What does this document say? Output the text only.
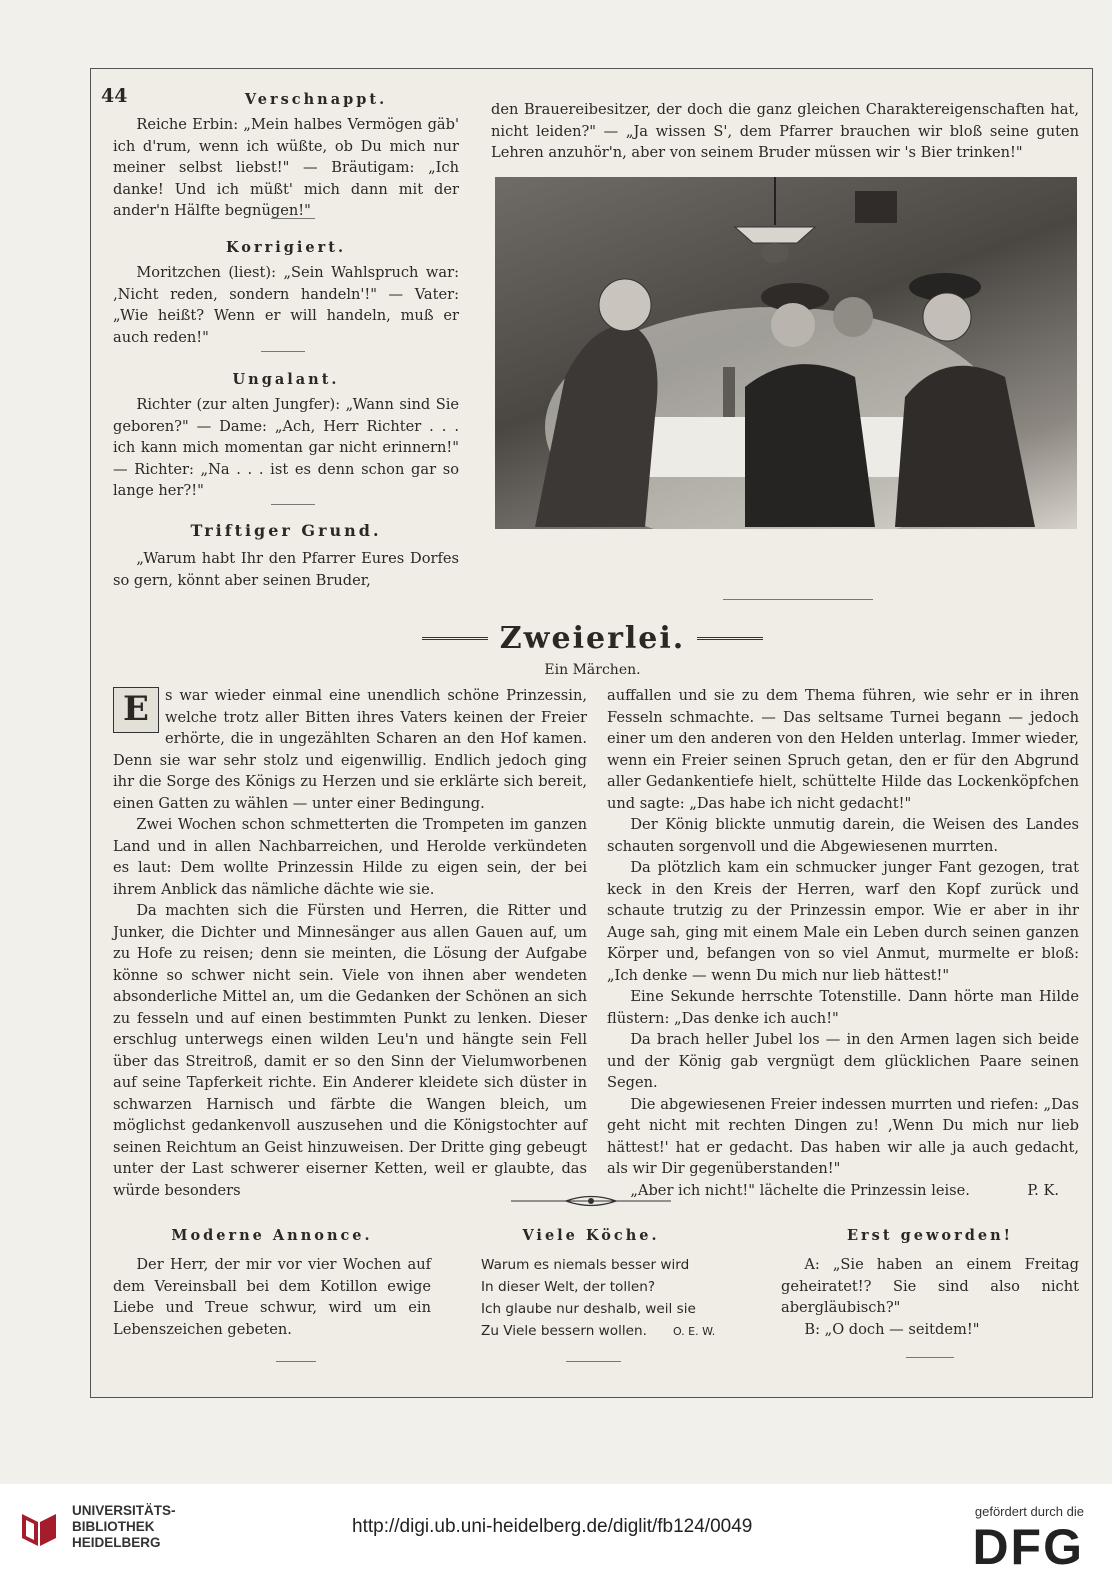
44	Verschnappt.

Reiche Erbin: „Mein halbes Vermögen gäb' ich d'rum, wenn ich wüßte, ob Du mich nur meiner selbst liebst!" — Bräutigam: „Ich danke! Und ich müßt' mich dann mit der ander'n Hälfte begnügen!"

Korrigiert.

Moritzchen (liest): „Sein Wahlspruch war: ‚Nicht reden, sondern handeln'!" — Vater: „Wie heißt? Wenn er will handeln, muß er auch reden!"

Ungalant.

Richter (zur alten Jungfer): „Wann sind Sie geboren?" — Dame: „Ach, Herr Richter . . . ich kann mich momentan gar nicht erinnern!" — Richter: „Na . . . ist es denn schon gar so lange her?!"

Triftiger Grund.

„Warum habt Ihr den Pfarrer Eures Dorfes so gern, könnt aber seinen Bruder,

den Brauereibesitzer, der doch die ganz gleichen Charaktereigenschaften hat, nicht leiden?" — „Ja wissen S', dem Pfarrer brauchen wir bloß seine guten Lehren anzuhör'n, aber von seinem Bruder müssen wir 's Bier trinken!"

Zweierlei.
Ein Märchen.
E	s war wieder einmal eine unendlich schöne Prinzessin, welche trotz aller Bitten ihres Vaters keinen der Freier erhörte, die in ungezählten Scharen an den Hof kamen. Denn sie war sehr stolz und eigenwillig. Endlich jedoch ging ihr die Sorge des Königs zu Herzen und sie erklärte sich bereit, einen Gatten zu wählen — unter einer Bedingung.

Zwei Wochen schon schmetterten die Trompeten im ganzen Land und in allen Nachbarreichen, und Herolde verkündeten es laut: Dem wollte Prinzessin Hilde zu eigen sein, der bei ihrem Anblick das nämliche dächte wie sie.

Da machten sich die Fürsten und Herren, die Ritter und Junker, die Dichter und Minnesänger aus allen Gauen auf, um zu Hofe zu reisen; denn sie meinten, die Lösung der Aufgabe könne so schwer nicht sein. Viele von ihnen aber wendeten absonderliche Mittel an, um die Gedanken der Schönen an sich zu fesseln und auf einen bestimmten Punkt zu lenken. Dieser erschlug unterwegs einen wilden Leu'n und hängte sein Fell über das Streitroß, damit er so den Sinn der Vielumworbenen auf seine Tapferkeit richte. Ein Anderer kleidete sich düster in schwarzen Harnisch und färbte die Wangen bleich, um möglichst gedankenvoll auszusehen und die Königstochter auf seinen Reichtum an Geist hinzuweisen. Der Dritte ging gebeugt unter der Last schwerer eiserner Ketten, weil er glaubte, das würde besonders

auffallen und sie zu dem Thema führen, wie sehr er in ihren Fesseln schmachte. — Das seltsame Turnei begann — jedoch einer um den anderen von den Helden unterlag. Immer wieder, wenn ein Freier seinen Spruch getan, den er für den Abgrund aller Gedankentiefe hielt, schüttelte Hilde das Lockenköpfchen und sagte: „Das habe ich nicht gedacht!"

Der König blickte unmutig darein, die Weisen des Landes schauten sorgenvoll und die Abgewiesenen murrten.

Da plötzlich kam ein schmucker junger Fant gezogen, trat keck in den Kreis der Herren, warf den Kopf zurück und schaute trutzig zu der Prinzessin empor. Wie er aber in ihr Auge sah, ging mit einem Male ein Leben durch seinen ganzen Körper und, befangen von so viel Anmut, murmelte er bloß: „Ich denke — wenn Du mich nur lieb hättest!"

Eine Sekunde herrschte Totenstille. Dann hörte man Hilde flüstern: „Das denke ich auch!"

Da brach heller Jubel los — in den Armen lagen sich beide und der König gab vergnügt dem glücklichen Paare seinen Segen.

Die abgewiesenen Freier indessen murrten und riefen: „Das geht nicht mit rechten Dingen zu! ‚Wenn Du mich nur lieb hättest!' hat er gedacht. Das haben wir alle ja auch gedacht, als wir Dir gegenüberstanden!"

„Aber ich nicht!" lächelte die Prinzessin leise.	P. K.

Moderne Annonce.

Der Herr, der mir vor vier Wochen auf dem Vereinsball bei dem Kotillon ewige Liebe und Treue schwur, wird um ein Lebenszeichen gebeten.

Viele Köche.

Warum es niemals besser wird
In dieser Welt, der tollen?
Ich glaube nur deshalb, weil sie
Zu Viele bessern wollen. O. E. W.

Erst geworden!

A: „Sie haben an einem Freitag geheiratet!? Sie sind also nicht abergläubisch?"

B: „O doch — seitdem!"

UNIVERSITÄTS-
BIBLIOTHEK
HEIDELBERG
http://digi.ub.uni-heidelberg.de/diglit/fb124/0049
gefördert durch die
DFG
